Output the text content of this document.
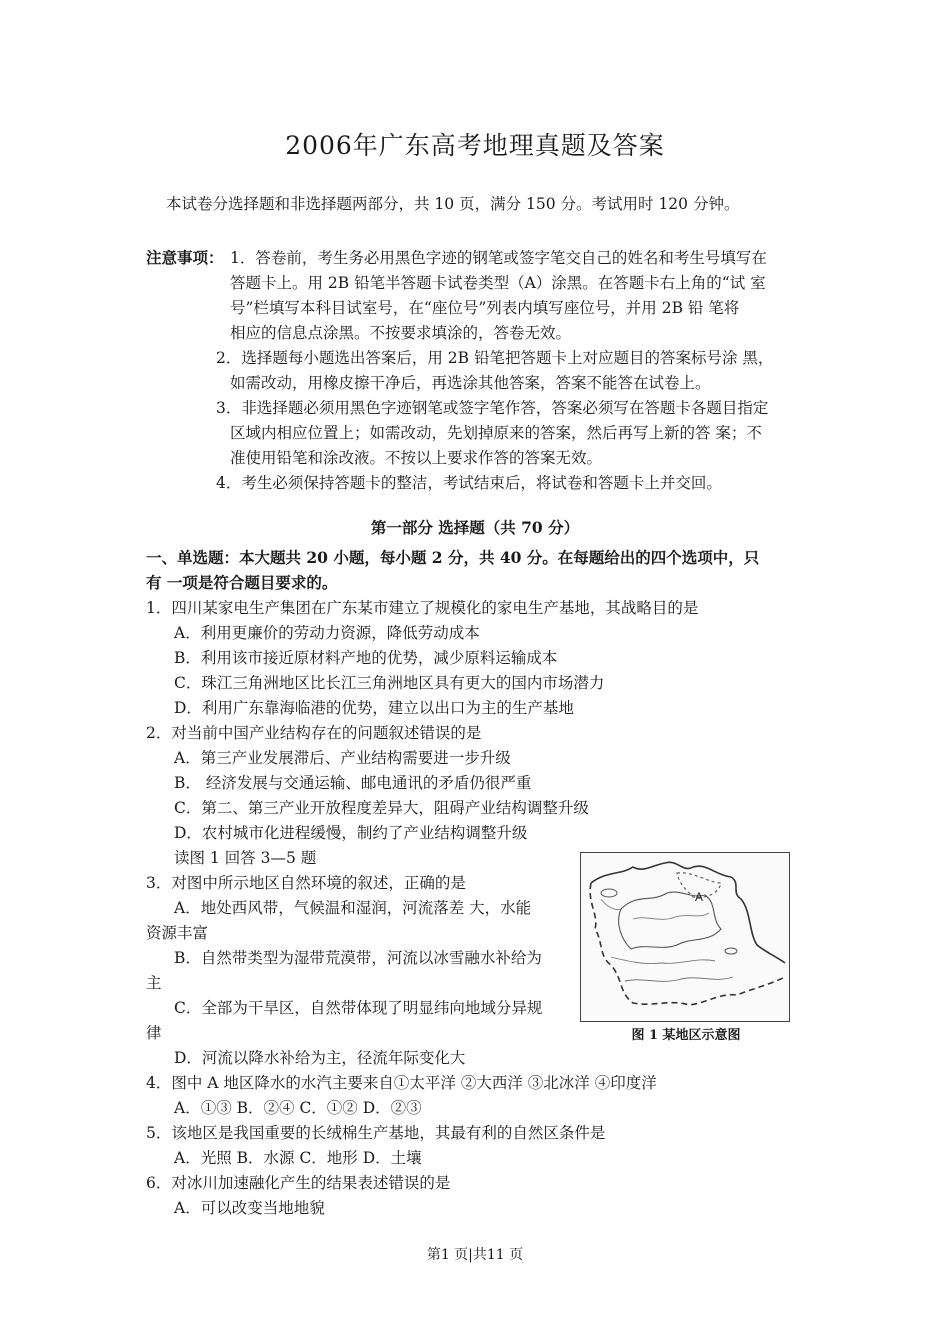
2006年广东高考地理真题及答案
本试卷分选择题和非选择题两部分，共 10 页，满分 150 分。考试用时 120 分钟。
注意事项： 1．答卷前，考生务必用黑色字迹的钢笔或签字笔交自己的姓名和考生号填写在
答题卡上。用 2B 铅笔半答题卡试卷类型（A）涂黑。在答题卡右上角的“试 室
号”栏填写本科目试室号，在“座位号”列表内填写座位号，并用 2B 铅 笔将
相应的信息点涂黑。不按要求填涂的，答卷无效。
2．选择题每小题选出答案后，用 2B 铅笔把答题卡上对应题目的答案标号涂 黑，
如需改动，用橡皮擦干净后，再选涂其他答案，答案不能答在试卷上。
3．非选择题必须用黑色字迹钢笔或签字笔作答，答案必须写在答题卡各题目指定
区域内相应位置上；如需改动，先划掉原来的答案，然后再写上新的答 案；不
准使用铅笔和涂改液。不按以上要求作答的答案无效。
4．考生必须保持答题卡的整洁，考试结束后，将试卷和答题卡上并交回。
第一部分 选择题（共 70 分）
一、单选题：本大题共 20 小题，每小题 2 分，共 40 分。在每题给出的四个选项中，只
有 一项是符合题目要求的。
1．四川某家电生产集团在广东某市建立了规模化的家电生产基地，其战略目的是
A．利用更廉价的劳动力资源，降低劳动成本
B．利用该市接近原材料产地的优势，减少原料运输成本
C．珠江三角洲地区比长江三角洲地区具有更大的国内市场潜力
D．利用广东靠海临港的优势，建立以出口为主的生产基地
2．对当前中国产业结构存在的问题叙述错误的是
A．第三产业发展滞后、产业结构需要进一步升级
B． 经济发展与交通运输、邮电通讯的矛盾仍很严重
C．第二、第三产业开放程度差异大，阻碍产业结构调整升级
D．农村城市化进程缓慢，制约了产业结构调整升级
读图 1 回答 3—5 题
3．对图中所示地区自然环境的叙述，正确的是
A．地处西风带，气候温和湿润，河流落差 大，水能
资源丰富
B．自然带类型为湿带荒漠带，河流以冰雪融水补给为
主
C．全部为干旱区，自然带体现了明显纬向地域分异规
律
D．河流以降水补给为主，径流年际变化大
4．图中 A 地区降水的水汽主要来自①太平洋 ②大西洋 ③北冰洋 ④印度洋
A．①③ B．②④ C．①② D．②③
5．该地区是我国重要的长绒棉生产基地，其最有利的自然区条件是
A．光照 B．水源 C．地形 D．土壤
6．对冰川加速融化产生的结果表述错误的是
A．可以改变当地地貌
A
图 1 某地区示意图
第1 页|共11 页
